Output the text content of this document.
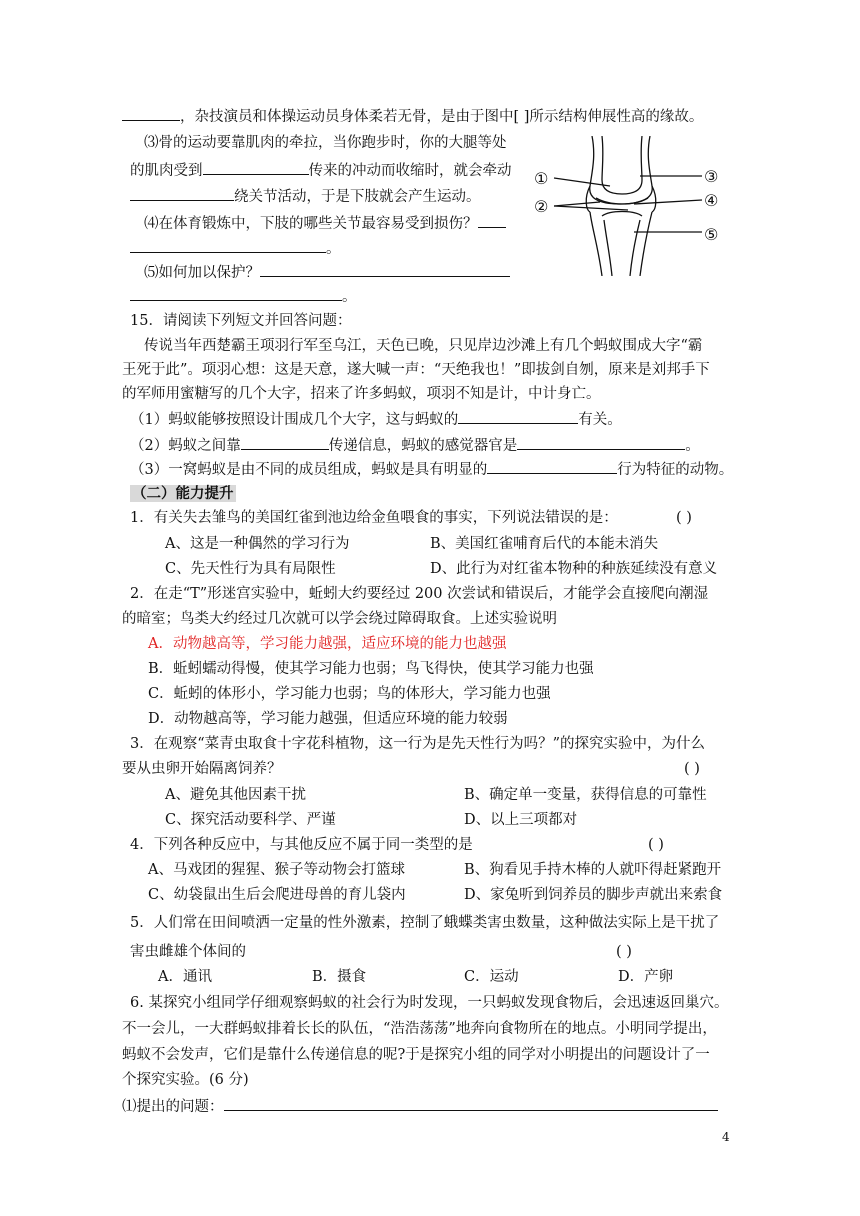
，杂技演员和体操运动员身体柔若无骨，是由于图中[ ]所示结构伸展性高的缘故。
⑶骨的运动要靠肌肉的牵拉，当你跑步时，你的大腿等处
的肌肉受到	传来的冲动而收缩时，就会牵动
绕关节活动，于是下肢就会产生运动。
⑷在体育锻炼中，下肢的哪些关节最容易受到损伤？
。
⑸如何加以保护？
。
①
②
③
④
⑤
15．请阅读下列短文并回答问题：
传说当年西楚霸王项羽行军至乌江，天色已晚，只见岸边沙滩上有几个蚂蚁围成大字“霸
王死于此”。项羽心想：这是天意，遂大喊一声：“天绝我也！”即拔剑自刎，原来是刘邦手下
的军师用蜜糖写的几个大字，招来了许多蚂蚁，项羽不知是计，中计身亡。
（1）蚂蚁能够按照设计围成几个大字，这与蚂蚁的	有关。
（2）蚂蚁之间靠	传递信息，蚂蚁的感觉器官是	。
（3）一窝蚂蚁是由不同的成员组成，蚂蚁是具有明显的	行为特征的动物。
（二）能力提升
1．有关失去雏鸟的美国红雀到池边给金鱼喂食的事实，下列说法错误的是：	( )
A、这是一种偶然的学习行为	B、美国红雀哺育后代的本能未消失
C、先天性行为具有局限性	D、此行为对红雀本物种的种族延续没有意义
2．在走“T”形迷宫实验中，蚯蚓大约要经过 200 次尝试和错误后，才能学会直接爬向潮湿
的暗室；鸟类大约经过几次就可以学会绕过障碍取食。上述实验说明
A．动物越高等，学习能力越强，适应环境的能力也越强
B．蚯蚓蠕动得慢，使其学习能力也弱；鸟飞得快，使其学习能力也强
C．蚯蚓的体形小，学习能力也弱；鸟的体形大，学习能力也强
D．动物越高等，学习能力越强，但适应环境的能力较弱
3．在观察“菜青虫取食十字花科植物，这一行为是先天性行为吗？”的探究实验中，为什么
要从虫卵开始隔离饲养？	( )
A、避免其他因素干扰	B、确定单一变量，获得信息的可靠性
C、探究活动要科学、严谨	D、以上三项都对
4．下列各种反应中，与其他反应不属于同一类型的是	( )
A、马戏团的猩猩、猴子等动物会打篮球	B、狗看见手持木棒的人就吓得赶紧跑开
C、幼袋鼠出生后会爬进母兽的育儿袋内	D、家兔听到饲养员的脚步声就出来索食
5．人们常在田间喷洒一定量的性外激素，控制了蛾蝶类害虫数量，这种做法实际上是干扰了
害虫雌雄个体间的	( )
A．通讯	B．摄食	C．运动	D．产卵
6. 某探究小组同学仔细观察蚂蚁的社会行为时发现，一只蚂蚁发现食物后，会迅速返回巢穴。
不一会儿，一大群蚂蚁排着长长的队伍，“浩浩荡荡”地奔向食物所在的地点。小明同学提出，
蚂蚁不会发声，它们是靠什么传递信息的呢?于是探究小组的同学对小明提出的问题设计了一
个探究实验。(6 分)
⑴提出的问题：
4
